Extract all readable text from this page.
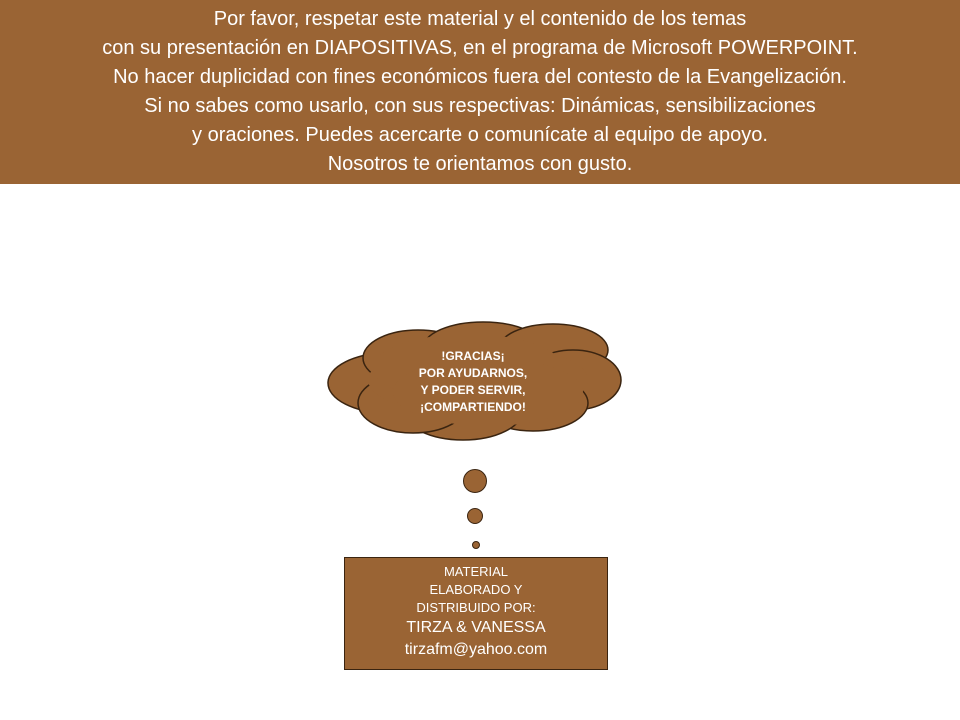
Por favor, respetar este material y el contenido de los temas
con su presentación en DIAPOSITIVAS, en el programa de Microsoft POWERPOINT.
No hacer duplicidad con fines económicos fuera del contesto de la Evangelización.
Si no sabes como usarlo, con sus respectivas: Dinámicas, sensibilizaciones
y oraciones. Puedes acercarte o comunícate al equipo de apoyo.
Nosotros te orientamos con gusto.
!GRACIAS¡
POR AYUDARNOS,
Y PODER SERVIR,
¡COMPARTIENDO!
MATERIAL
ELABORADO Y
DISTRIBUIDO POR:
TIRZA & VANESSA
tirzafm@yahoo.com
